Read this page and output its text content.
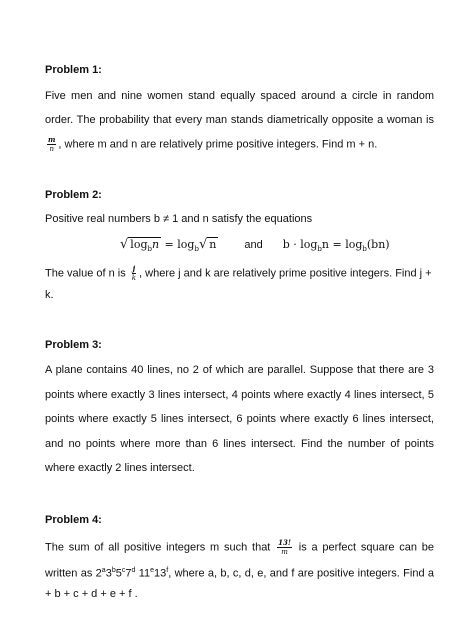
Problem 1:
Five men and nine women stand equally spaced around a circle in random
order. The probability that every man stands diametrically opposite a woman is
$\frac{m}{n}$ , where m and n are relatively prime positive integers. Find m + n.
Problem 2:
Positive real numbers b ≠ 1 and n satisfy the equations
√ $\log_bn = \log_b√$ n	and $b \cdot \log_bn = \log_b(bn)$
The value of n is $\frac{j}{k}$ , where j and k are relatively prime positive integers. Find j +
k.
Problem 3:
A plane contains 40 lines, no 2 of which are parallel. Suppose that there are 3
points where exactly 3 lines intersect, 4 points where exactly 4 lines intersect, 5
points where exactly 5 lines intersect, 6 points where exactly 6 lines intersect,
and no points where more than 6 lines intersect. Find the number of points
where exactly 2 lines intersect.
Problem 4:
The sum of all positive integers m such that $\frac{13!}{m}$ is a perfect square can be
written as 2$^a$3$^b$5$^c$7$^d$ 11e13$^f$, where a, b, c, d, e, and f are positive integers. Find a
+ b + c + d + e + f .
